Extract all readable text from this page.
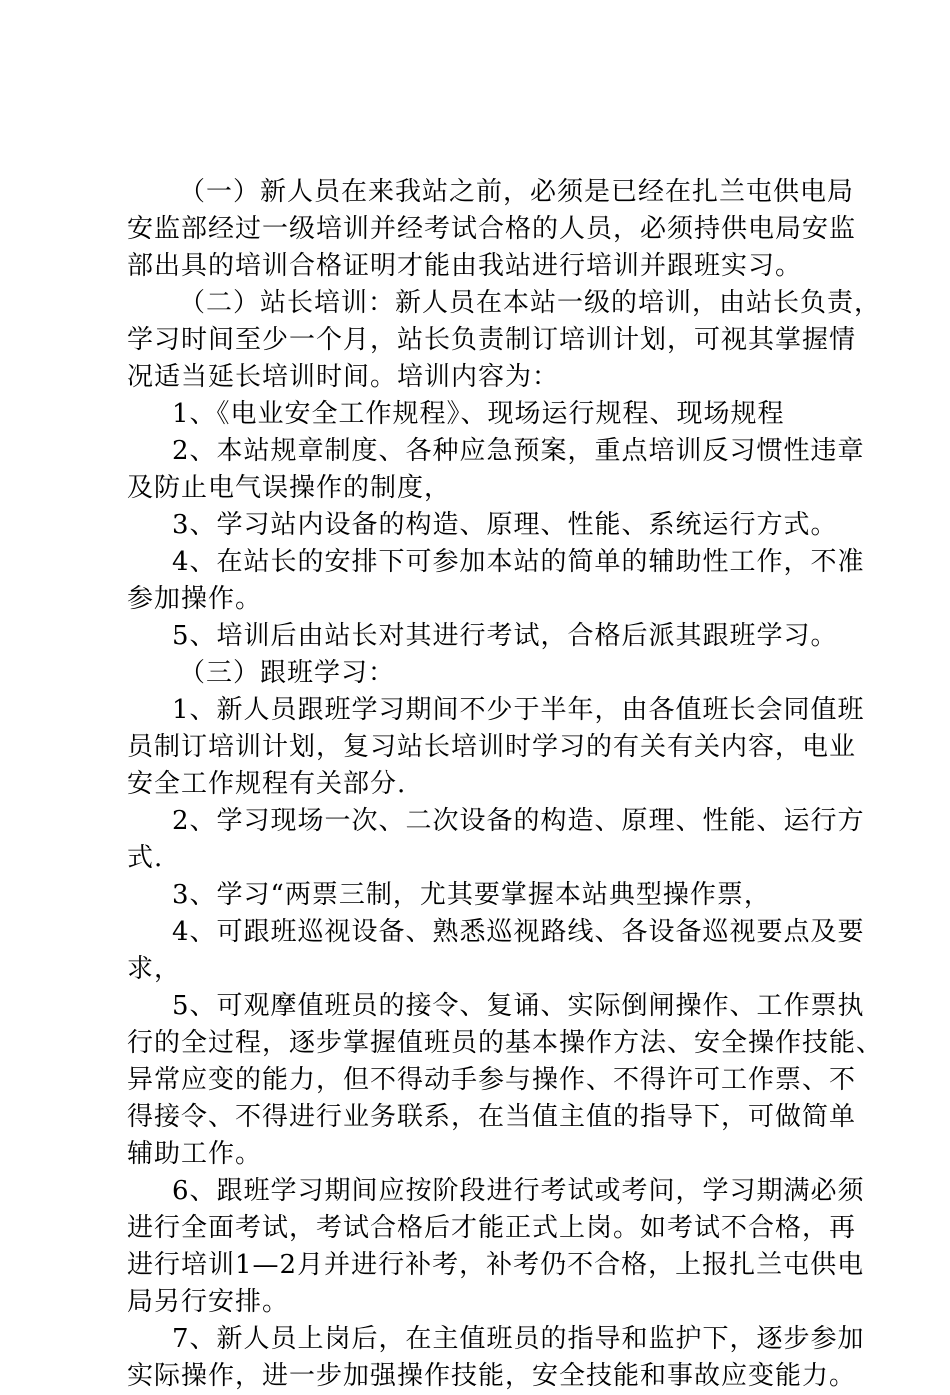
（一）新人员在来我站之前，必须是已经在扎兰屯供电局
安监部经过一级培训并经考试合格的人员，必须持供电局安监
部出具的培训合格证明才能由我站进行培训并跟班实习。
（二）站长培训：新人员在本站一级的培训，由站长负责，
学习时间至少一个月，站长负责制订培训计划，可视其掌握情
况适当延长培训时间。培训内容为：
1、《电业安全工作规程》、现场运行规程、现场规程
2、本站规章制度、各种应急预案，重点培训反习惯性违章
及防止电气误操作的制度，
3、学习站内设备的构造、原理、性能、系统运行方式。
4、在站长的安排下可参加本站的简单的辅助性工作，不准
参加操作。
5、培训后由站长对其进行考试，合格后派其跟班学习。
（三）跟班学习：
1、新人员跟班学习期间不少于半年，由各值班长会同值班
员制订培训计划，复习站长培训时学习的有关有关内容，电业
安全工作规程有关部分.
2、学习现场一次、二次设备的构造、原理、性能、运行方
式.
3、学习“两票三制，尤其要掌握本站典型操作票，
4、可跟班巡视设备、熟悉巡视路线、各设备巡视要点及要
求，
5、可观摩值班员的接令、复诵、实际倒闸操作、工作票执
行的全过程，逐步掌握值班员的基本操作方法、安全操作技能、
异常应变的能力，但不得动手参与操作、不得许可工作票、不
得接令、不得进行业务联系，在当值主值的指导下，可做简单
辅助工作。
6、跟班学习期间应按阶段进行考试或考问，学习期满必须
进行全面考试，考试合格后才能正式上岗。如考试不合格，再
进行培训1—2月并进行补考，补考仍不合格，上报扎兰屯供电
局另行安排。
7、新人员上岗后，在主值班员的指导和监护下，逐步参加
实际操作，进一步加强操作技能，安全技能和事故应变能力。
